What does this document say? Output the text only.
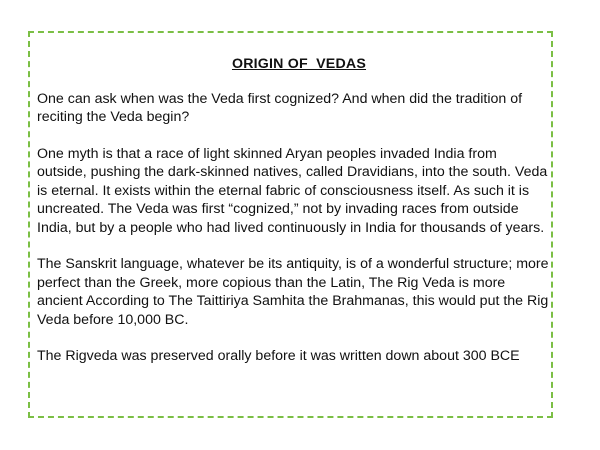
ORIGIN OF  VEDAS

One can ask when was the Veda first cognized? And when did the tradition of reciting the Veda begin?

One myth is that a race of light skinned Aryan peoples invaded India from outside, pushing the dark-skinned natives, called Dravidians, into the south. Veda is eternal. It exists within the eternal fabric of consciousness itself. As such it is uncreated. The Veda was first “cognized,” not by invading races from outside India, but by a people who had lived continuously in India for thousands of years.

The Sanskrit language, whatever be its antiquity, is of a wonderful structure; more perfect than the Greek, more copious than the Latin, The Rig Veda is more ancient According to The Taittiriya Samhita the Brahmanas, this would put the Rig Veda before 10,000 BC.

The Rigveda was preserved orally before it was written down about 300 BCE
